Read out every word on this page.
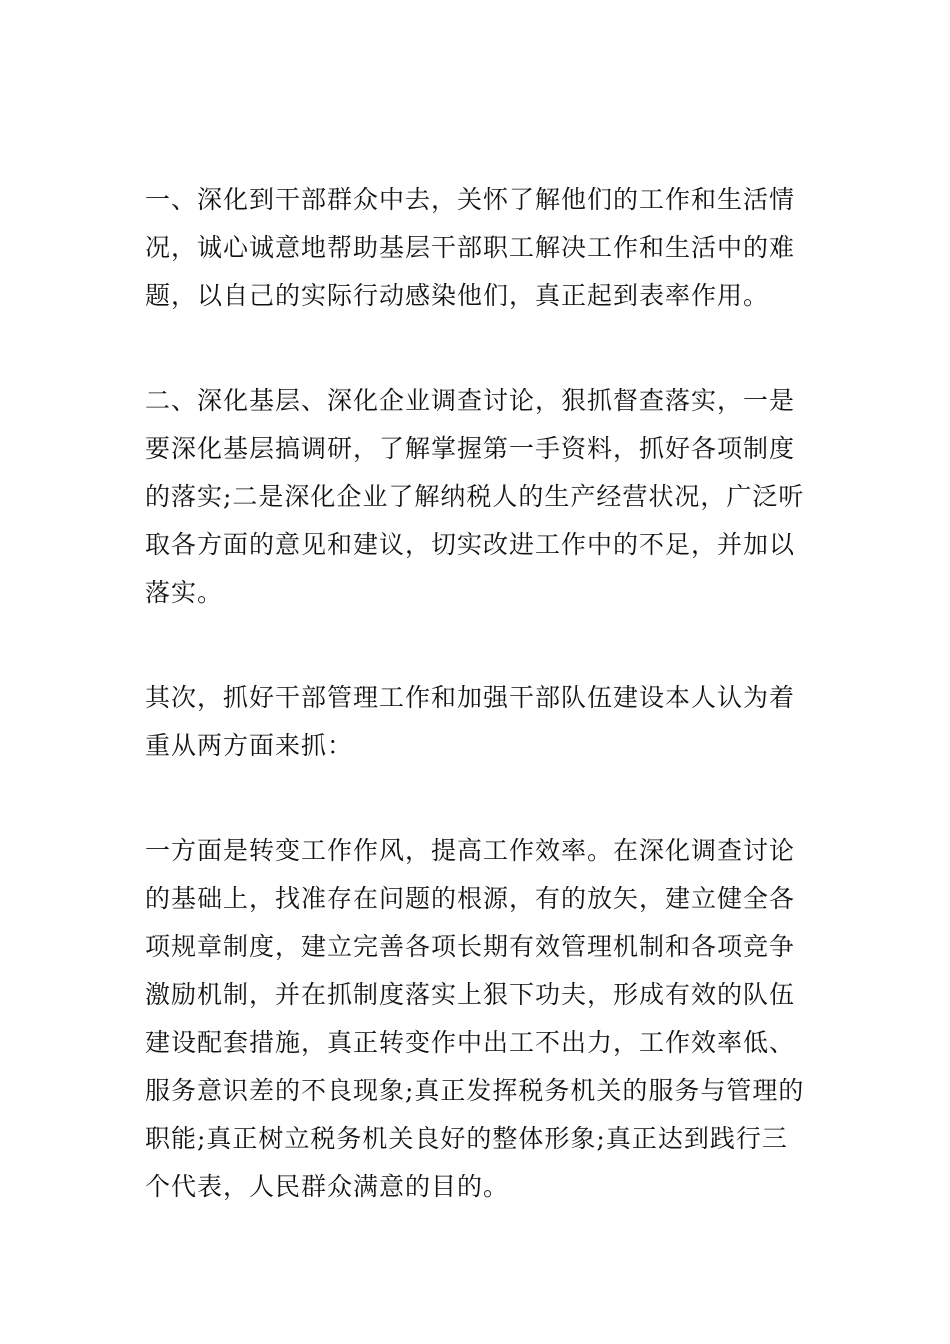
一、深化到干部群众中去，关怀了解他们的工作和生活情况，诚心诚意地帮助基层干部职工解决工作和生活中的难题，以自己的实际行动感染他们，真正起到表率作用。

二、深化基层、深化企业调查讨论，狠抓督查落实，一是要深化基层搞调研，了解掌握第一手资料，抓好各项制度的落实;二是深化企业了解纳税人的生产经营状况，广泛听取各方面的意见和建议，切实改进工作中的不足，并加以落实。

其次，抓好干部管理工作和加强干部队伍建设本人认为着重从两方面来抓：

一方面是转变工作作风，提高工作效率。在深化调查讨论的基础上，找准存在问题的根源，有的放矢，建立健全各项规章制度，建立完善各项长期有效管理机制和各项竞争激励机制，并在抓制度落实上狠下功夫，形成有效的队伍建设配套措施，真正转变作中出工不出力，工作效率低、服务意识差的不良现象;真正发挥税务机关的服务与管理的职能;真正树立税务机关良好的整体形象;真正达到践行三个代表，人民群众满意的目的。
